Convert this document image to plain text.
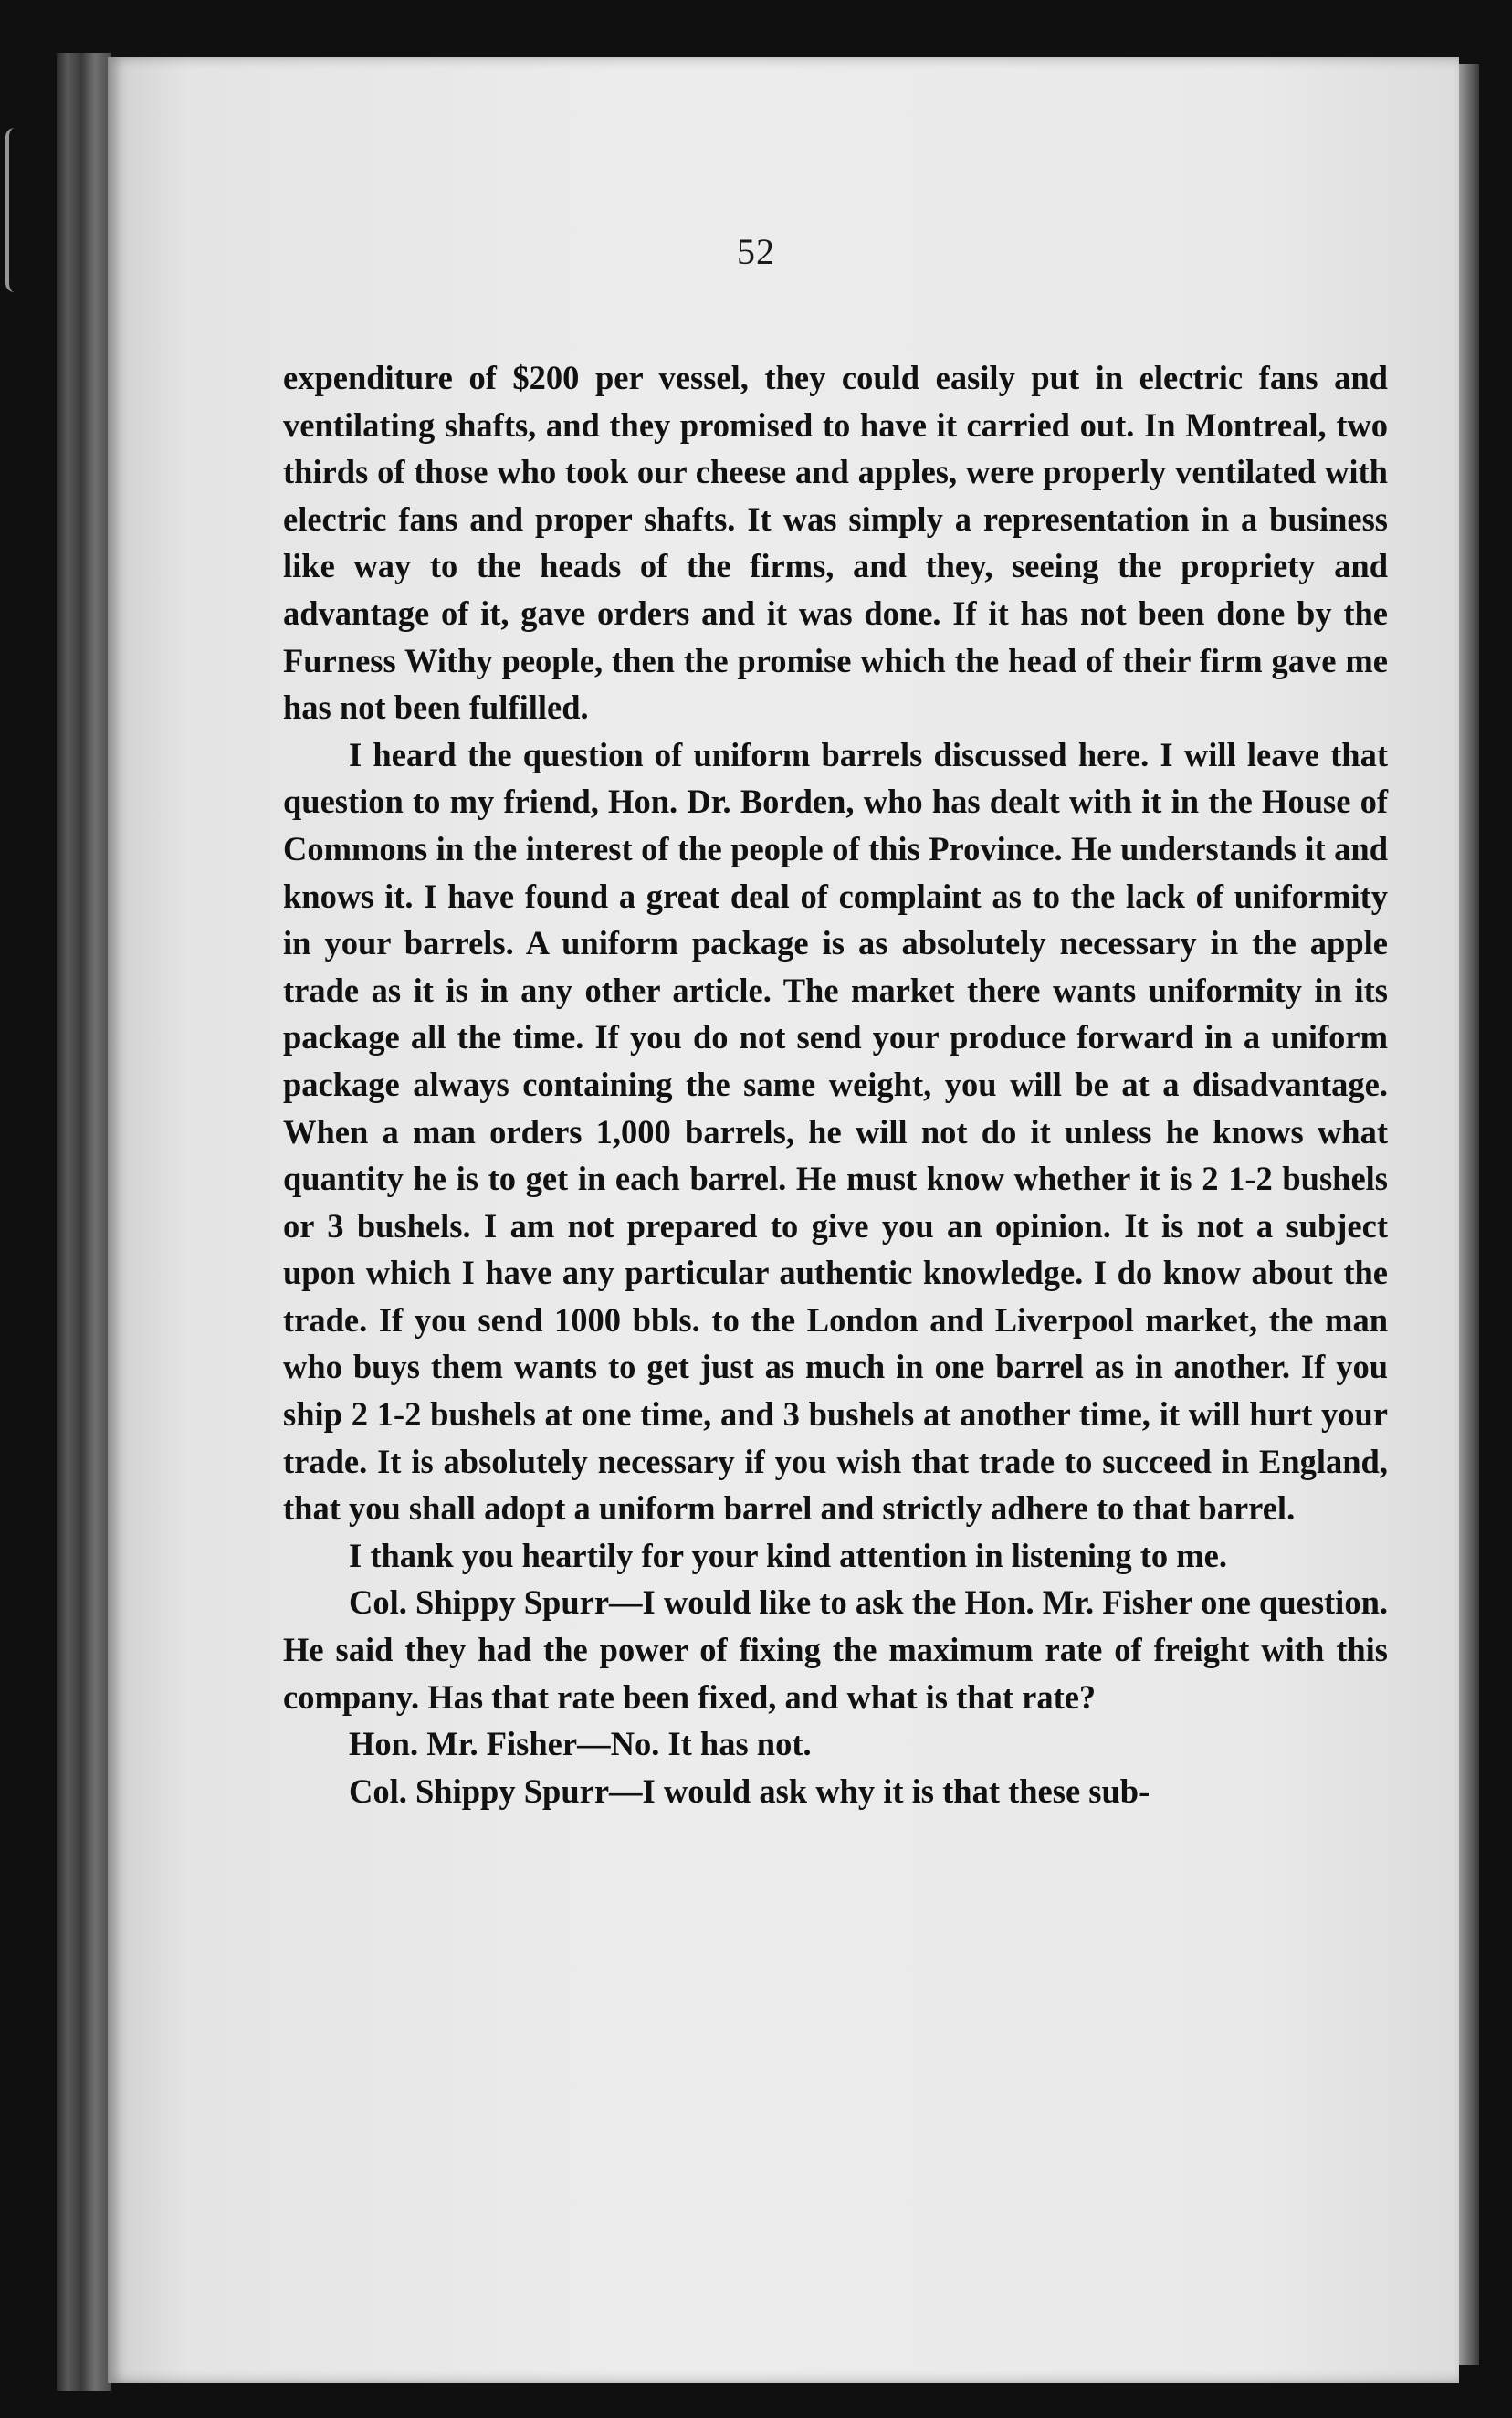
52

expenditure of $200 per vessel, they could easily put in electric fans and ventilating shafts, and they promised to have it carried out. In Montreal, two thirds of those who took our cheese and apples, were properly ventilated with electric fans and proper shafts. It was simply a representation in a business like way to the heads of the firms, and they, seeing the propriety and advantage of it, gave orders and it was done. If it has not been done by the Furness Withy people, then the promise which the head of their firm gave me has not been fulfilled.

I heard the question of uniform barrels discussed here. I will leave that question to my friend, Hon. Dr. Borden, who has dealt with it in the House of Commons in the interest of the people of this Province. He understands it and knows it. I have found a great deal of complaint as to the lack of uniformity in your barrels. A uniform package is as absolutely necessary in the apple trade as it is in any other article. The market there wants uniformity in its package all the time. If you do not send your produce forward in a uniform package always containing the same weight, you will be at a disadvantage. When a man orders 1,000 barrels, he will not do it unless he knows what quantity he is to get in each barrel. He must know whether it is 2 1-2 bushels or 3 bushels. I am not prepared to give you an opinion. It is not a subject upon which I have any particular authentic knowledge. I do know about the trade. If you send 1000 bbls. to the London and Liverpool market, the man who buys them wants to get just as much in one barrel as in another. If you ship 2 1-2 bushels at one time, and 3 bushels at another time, it will hurt your trade. It is absolutely necessary if you wish that trade to succeed in England, that you shall adopt a uniform barrel and strictly adhere to that barrel.

I thank you heartily for your kind attention in listening to me.

Col. Shippy Spurr—I would like to ask the Hon. Mr. Fisher one question. He said they had the power of fixing the maximum rate of freight with this company. Has that rate been fixed, and what is that rate?

Hon. Mr. Fisher—No. It has not.

Col. Shippy Spurr—I would ask why it is that these sub-
